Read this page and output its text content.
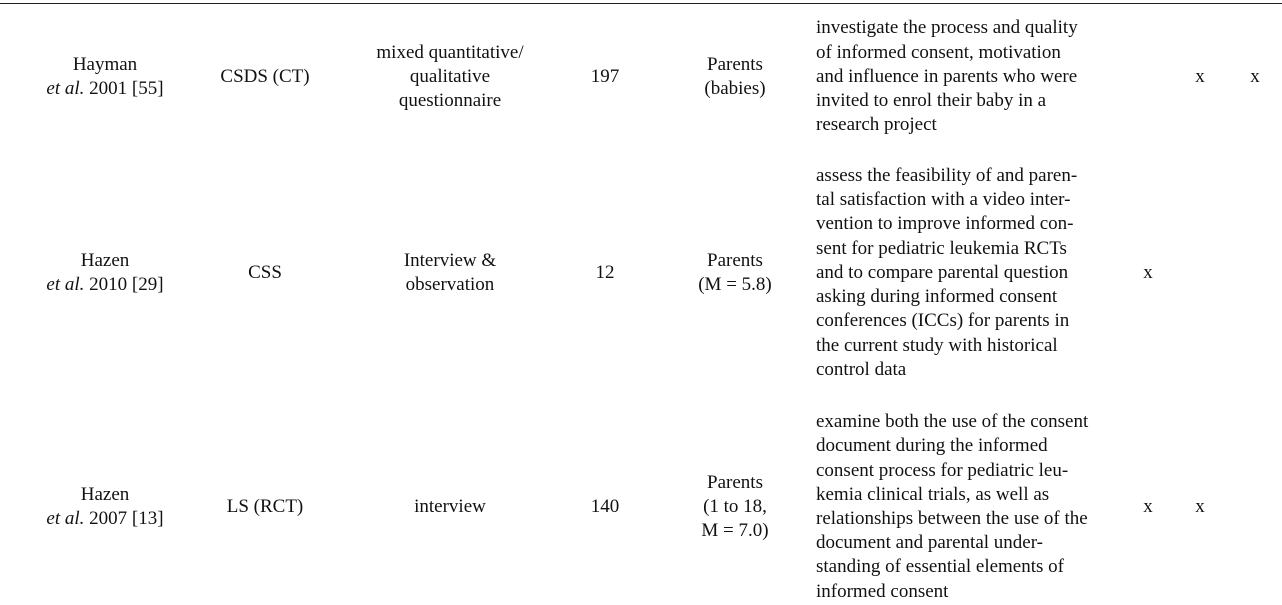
Hayman
et al. 2001 [55]
CSDS (CT)
mixed quantitative/
qualitative
questionnaire
197
Parents
(babies)
investigate the process and quality
of informed consent, motivation
and influence in parents who were
invited to enrol their baby in a
research project
x x
Hazen
et al. 2010 [29]
CSS
Interview &
observation
12
Parents
(M = 5.8)
assess the feasibility of and paren-
tal satisfaction with a video inter-
vention to improve informed con-
sent for pediatric leukemia RCTs
and to compare parental question
asking during informed consent
conferences (ICCs) for parents in
the current study with historical
control data
x
Hazen
et al. 2007 [13]
LS (RCT)	interview	140
Parents
(1 to 18,
M = 7.0)
examine both the use of the consent
document during the informed
consent process for pediatric leu-
kemia clinical trials, as well as
relationships between the use of the
document and parental under-
standing of essential elements of
informed consent
x x
